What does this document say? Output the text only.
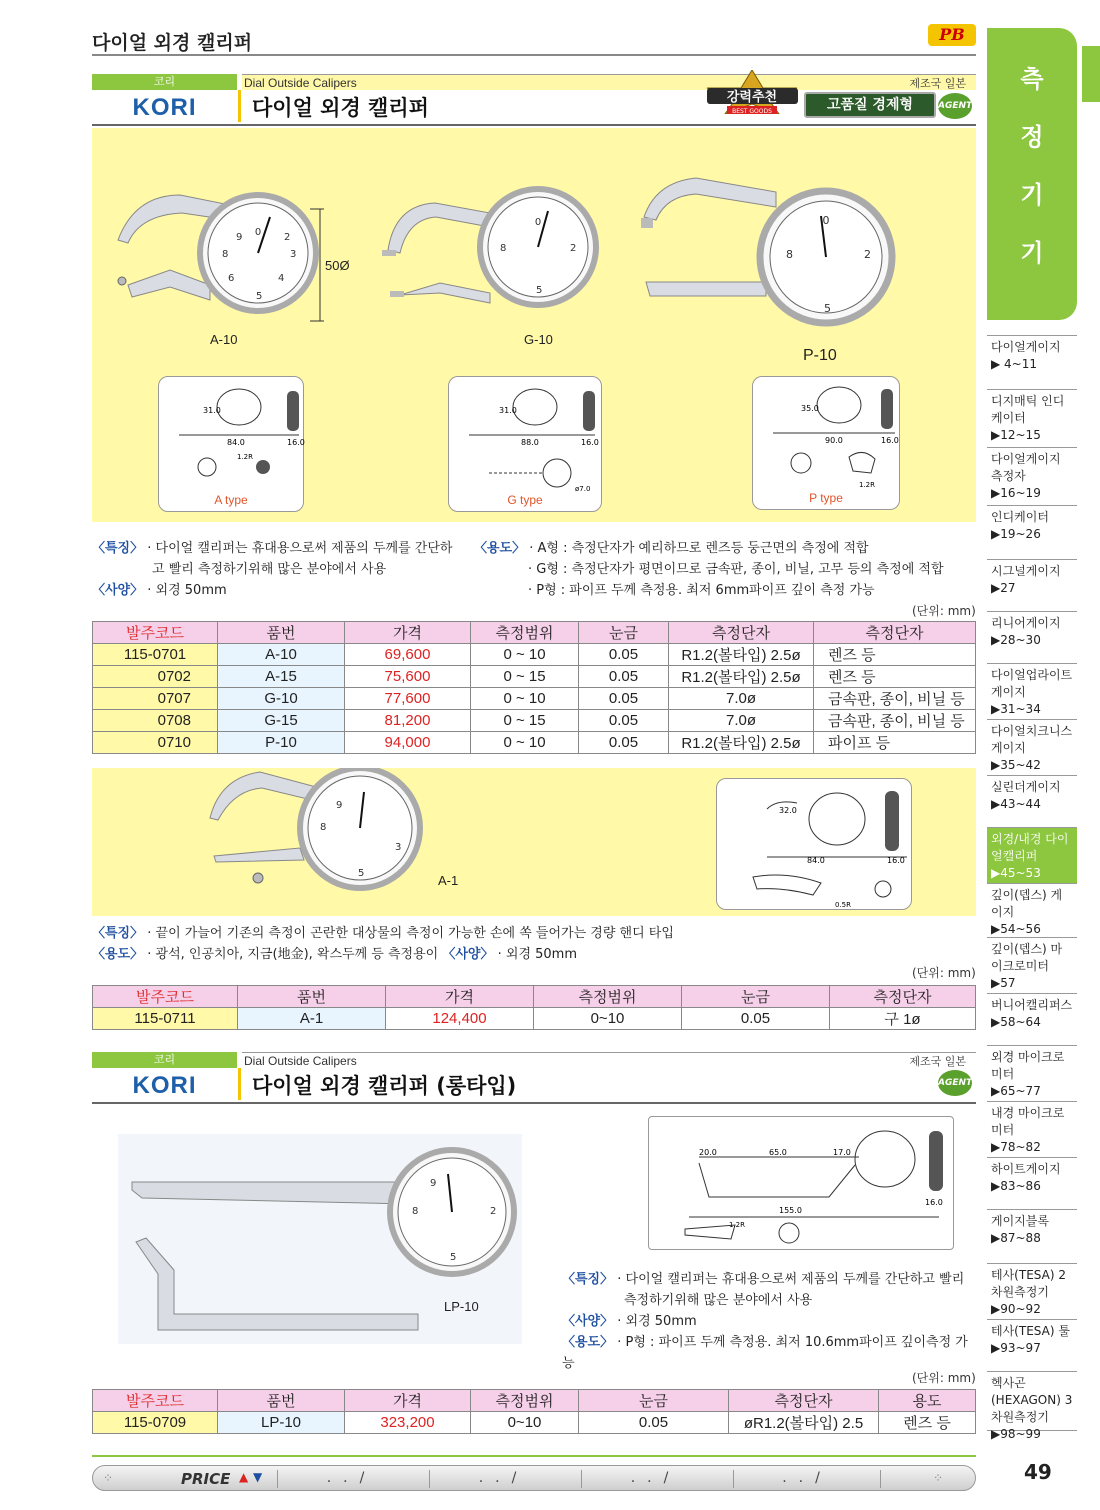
다이얼 외경 캘리퍼	PB
코리
KORI
Dial Outside Calipers
다이얼 외경 캘리퍼
제조국 일본
강력추천
BEST GOODS	고품질 경제형	AGENT
0
9
8
6
5
4
3
2
50Ø
0
8	2
5
0
8	2
5
A-10	G-10
P-10
31.0
84.0	16.0
1.2R
A type
31.0
88.0	16.0
ø7.0
G type
35.0
90.0	16.0
1.2R
P type
〈특징〉 · 다이얼 캘리퍼는 휴대용으로써 제품의 두께를 간단하
고 빨리 측정하기위해 많은 분야에서 사용
〈사양〉 · 외경 50mm
〈용도〉 · A형 : 측정단자가 예리하므로 렌즈등 둥근면의 측정에 적합
· G형 : 측정단자가 평면이므로 금속판, 종이, 비닐, 고무 등의 측정에 적합
· P형 : 파이프 두께 측정용. 최저 6mm파이프 깊이 측정 가능
(단위: mm)
발주코드	품번	가격	측정범위	눈금	측정단자	측정단자
115-0701	A-10	69,600	0 ~ 10	0.05	R1.2(볼타입) 2.5ø	렌즈 등
0702	A-15	75,600	0 ~ 15	0.05	R1.2(볼타입) 2.5ø	렌즈 등
0707	G-10	77,600	0 ~ 10	0.05	7.0ø	금속판, 종이, 비닐 등
0708	G-15	81,200	0 ~ 15	0.05	7.0ø	금속판, 종이, 비닐 등
0710	P-10	94,000	0 ~ 10	0.05	R1.2(볼타입) 2.5ø	파이프 등
9
8
3
5	A-1
32.0
84.0	16.0
0.5R
〈특징〉 · 끝이 가늘어 기존의 측정이 곤란한 대상물의 측정이 가능한 손에 쏙 들어가는 경량 핸디 타입
〈용도〉 · 광석, 인공치아, 지금(地金), 왁스두께 등 측정용이 〈사양〉 · 외경 50mm
(단위: mm)
발주코드	품번	가격	측정범위	눈금	측정단자
115-0711	A-1	124,400	0~10	0.05	구 1ø
코리
KORI
Dial Outside Calipers
다이얼 외경 캘리퍼 (롱타입)
제조국 일본
AGENT
9
8	2
5
LP-10
20.0	65.0	17.0
155.0
16.0
1.2R
〈특징〉 · 다이얼 캘리퍼는 휴대용으로써 제품의 두께를 간단하고 빨리
측정하기위해 많은 분야에서 사용
〈사양〉 · 외경 50mm
〈용도〉 · P형 : 파이프 두께 측정용. 최저 10.6mm파이프 깊이측정 가능
(단위: mm)
발주코드	품번	가격	측정범위	눈금	측정단자	용도
115-0709	LP-10	323,200	0~10	0.05	øR1.2(볼타입) 2.5	렌즈 등
측
정
기
기
다이얼게이지
▶ 4~11
디지매틱 인디케이터
▶12~15
다이얼게이지 측정자
▶16~19
인디케이터
▶19~26
시그널게이지
▶27
리니어게이지
▶28~30
다이얼업라이트 게이지
▶31~34
다이얼치크니스 게이지
▶35~42
실린더게이지
▶43~44
외경/내경 다이얼캘리퍼
▶45~53
깊이(뎁스) 게이지
▶54~56
깊이(뎁스) 마이크로미터
▶57
버니어캘리퍼스
▶58~64
외경 마이크로미터
▶65~77
내경 마이크로미터
▶78~82
하이트게이지
▶83~86
게이지블록
▶87~88
테사(TESA) 2차원측정기
▶90~92
테사(TESA) 툴
▶93~97
헥사곤(HEXAGON) 3차원측정기
▶98~99
⁘	PRICE ▲ ▼	../	../	../	../	⁘	49
